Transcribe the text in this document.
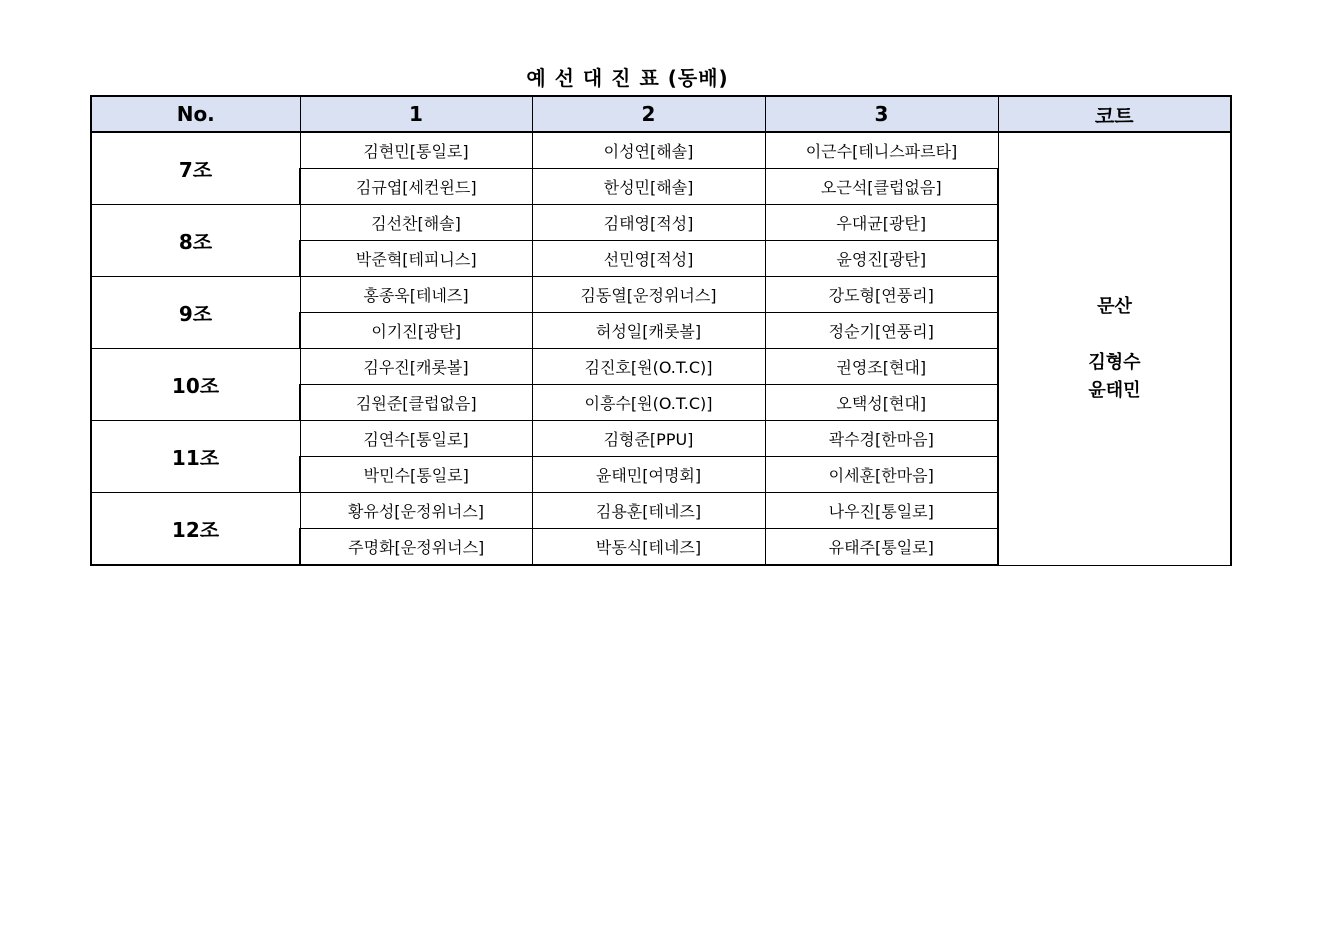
예 선 대 진 표 (동배)
No.	1	2	3	코트
7조	김현민[통일로]	이성연[해솔]	이근수[테니스파르타]	문산
김형수
윤태민

	김규엽[세컨윈드]	한성민[해솔]	오근석[클럽없음]	
8조	김선찬[해솔]	김태영[적성]	우대균[광탄]	
	박준혁[테피니스]	선민영[적성]	윤영진[광탄]	
9조	홍종욱[테네즈]	김동열[운정위너스]	강도형[연풍리]	
	이기진[광탄]	허성일[캐롯볼]	정순기[연풍리]	
10조	김우진[캐롯볼]	김진호[원(O.T.C)]	권영조[현대]	
	김원준[클럽없음]	이흥수[원(O.T.C)]	오택성[현대]	
11조	김연수[통일로]	김형준[PPU]	곽수경[한마음]	
	박민수[통일로]	윤태민[여명회]	이세훈[한마음]	
12조	황유성[운정위너스]	김용훈[테네즈]	나우진[통일로]	
	주명화[운정위너스]	박동식[테네즈]	유태주[통일로]	
